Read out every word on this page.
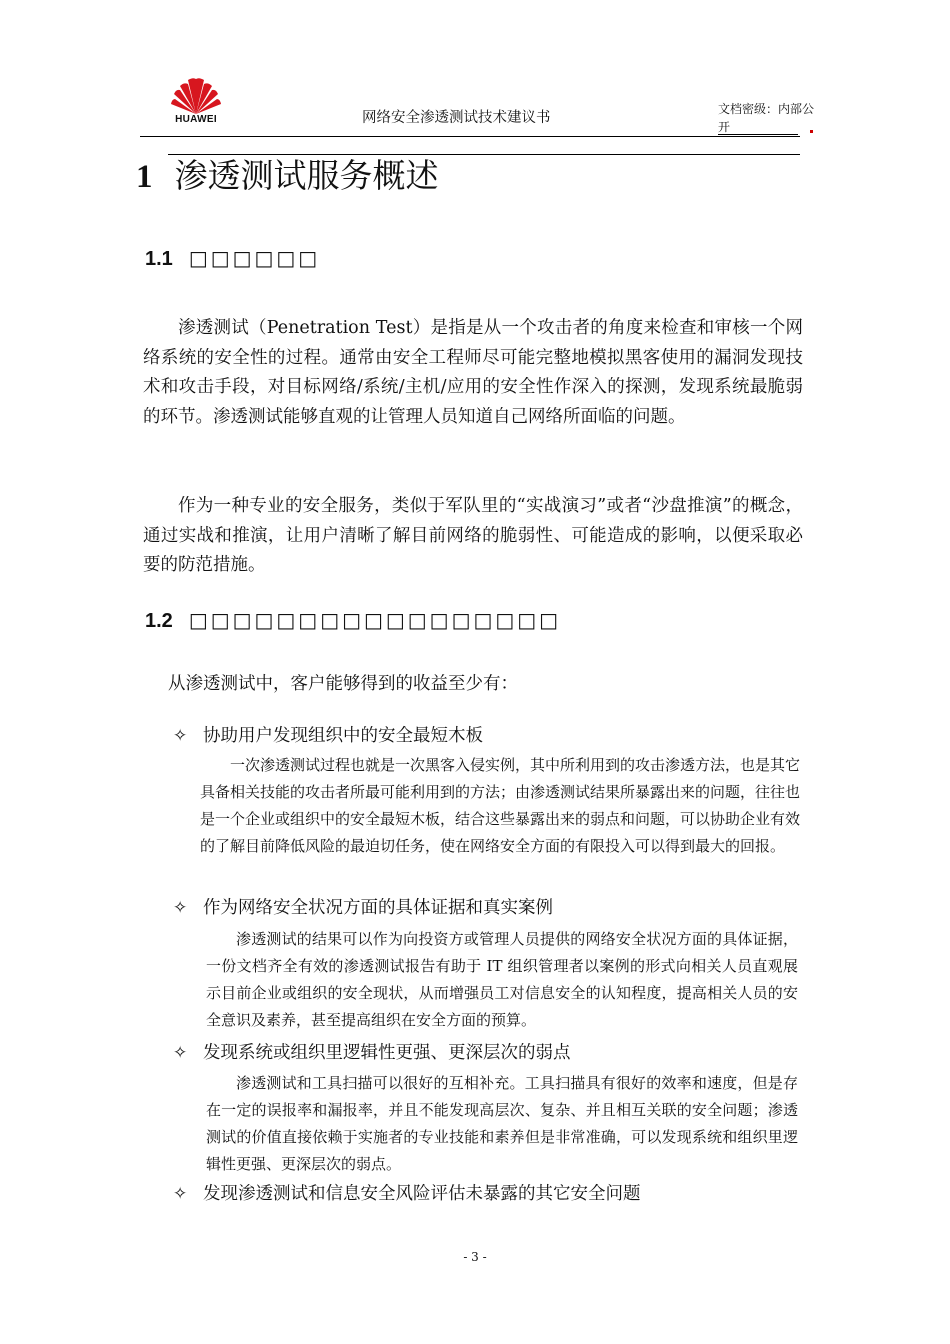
HUAWEI	网络安全渗透测试技术建议书
文档密级：内部公开
1 渗透测试服务概述
1.1 □□□□□□
渗透测试（Penetration Test）是指是从一个攻击者的角度来检查和审核一个网络系统的安全性的过程。通常由安全工程师尽可能完整地模拟黑客使用的漏洞发现技术和攻击手段，对目标网络/系统/主机/应用的安全性作深入的探测，发现系统最脆弱的环节。渗透测试能够直观的让管理人员知道自己网络所面临的问题。
作为一种专业的安全服务，类似于军队里的“实战演习”或者“沙盘推演”的概念，通过实战和推演，让用户清晰了解目前网络的脆弱性、可能造成的影响，以便采取必要的防范措施。
1.2 □□□□□□□□□□□□□□□□□
从渗透测试中，客户能够得到的收益至少有：
✧ 协助用户发现组织中的安全最短木板
一次渗透测试过程也就是一次黑客入侵实例，其中所利用到的攻击渗透方法，也是其它具备相关技能的攻击者所最可能利用到的方法；由渗透测试结果所暴露出来的问题，往往也是一个企业或组织中的安全最短木板，结合这些暴露出来的弱点和问题，可以协助企业有效的了解目前降低风险的最迫切任务，使在网络安全方面的有限投入可以得到最大的回报。
✧ 作为网络安全状况方面的具体证据和真实案例
渗透测试的结果可以作为向投资方或管理人员提供的网络安全状况方面的具体证据，一份文档齐全有效的渗透测试报告有助于 IT 组织管理者以案例的形式向相关人员直观展示目前企业或组织的安全现状，从而增强员工对信息安全的认知程度，提高相关人员的安全意识及素养，甚至提高组织在安全方面的预算。
✧ 发现系统或组织里逻辑性更强、更深层次的弱点
渗透测试和工具扫描可以很好的互相补充。工具扫描具有很好的效率和速度，但是存在一定的误报率和漏报率，并且不能发现高层次、复杂、并且相互关联的安全问题；渗透测试的价值直接依赖于实施者的专业技能和素养但是非常准确，可以发现系统和组织里逻辑性更强、更深层次的弱点。
✧ 发现渗透测试和信息安全风险评估未暴露的其它安全问题
- 3 -
